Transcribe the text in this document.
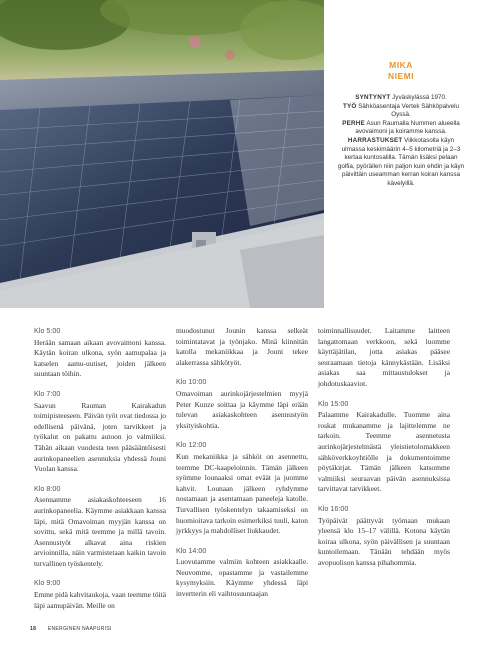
MIKA
NIEMI
SYNTYNYT Jyväskylässä 1970.
TYÖ Sähköasentaja Vertek Sähköpalvelu Oyssä.
PERHE Asun Raumalla Nummen alueella avovaimoni ja koiramme kanssa.
HARRASTUKSET Viikkotasolla käyn ulmassa keskimäärin 4–5 kilometriä ja 2–3 kertaa kuntosalilla. Tämän lisäksi pelaan golfia, pyöräilen niin paljon kuin ehdin ja käyn päivittäin useamman kerran koiran kanssa kävelyillä.
Klo 5:00

Herään samaan aikaan avovaimoni kanssa. Käytän koiran ulkona, syön aamupalaa ja katselen aamu-uutiset, joiden jälkeen suuntaan töihin.

Klo 7:00

Saavun Rauman Kairakadun toimipisteeseen. Päivän työt ovat tiedossa jo edellisenä päivänä, joten tarvikkeet ja työkalut on pakattu autoon jo valmiiksi. Tähän aikaan vuodesta teen pääsääntöisesti aurinkopaneelien asennuksia yhdessä Jouni Vuolan kanssa.

Klo 8:00

Asennamme asiakaskohteeseen 16 aurinkopaneelia. Käymme asiakkaan kanssa läpi, mitä Omavoiman myyjän kanssa on sovittu, sekä mitä teemme ja millä tavoin. Asennustyöt alkavat aina riskien arvioinnilla, näin varmistetaan kaikin tavoin turvallinen työskentely.

Klo 9:00

Emme pidä kahvitaukoja, vaan teemme töitä läpi aamupäivän. Meille on

muodostunut Jounin kanssa selkeät toimintatavat ja työnjako. Minä kiinnitän katolla mekaniikkaa ja Jouni tekee alakerrassa sähkötyöt.

Klo 10:00

Omavoiman aurinkojärjestelmien myyjä Peter Kunze soittaa ja käymme läpi erään tulevan asiakaskohteen asennustyön yksityiskohtia.

Klo 12:00

Kun mekaniikka ja sähköt on asennettu, teemme DC-kaapeloinnin. Tämän jälkeen syömme lounaaksi omat eväät ja juomme kahvit. Lounaan jälkeen ryhdymme nostamaan ja asentamaan paneeleja katolle. Turvallisen työskentelyn takaamiseksi on huomioitava tarkoin esimerkiksi tuuli, katon jyrkkyys ja mahdolliset liukkaudet.

Klo 14:00

Luovutamme valmiin kohteen asiakkaalle. Neuvomme, opastamme ja vastailemme kysymyksiin. Käymme yhdessä läpi invertterin eli vaihtosuuntaajan

toiminnallisuudet. Laitamme laitteen langattomaan verkkoon, sekä luomme käyttäjätilan, jotta asiakas pääsee seuraamaan tietoja kännykästään. Lisäksi asiakas saa mittaustulokset ja johdotuskaaviot.

Klo 15:00

Palaamme Kairakadulle. Tuomme aina roskat mukanamme ja lajittelemme ne tarkoin. Teemme asennetusta aurinkojärjestelmästä yleistietolomakkeen sähköverkkoyhtiölle ja dokumentoimme pöytäkirjat. Tämän jälkeen katsomme valmiiksi seuraavan päivän asennuksissa tarvittavat tarvikkeet.

Klo 16:00

Työpäivät päättyvät työmaan mukaan yleensä klo 15–17 välillä. Kotona käytän koiraa ulkona, syön päivällisen ja suuntaan kuntoilemaan. Tänään tehdään myös avopuolison kanssa pihahommia.

18 ENERGINEN NAAPURISI
